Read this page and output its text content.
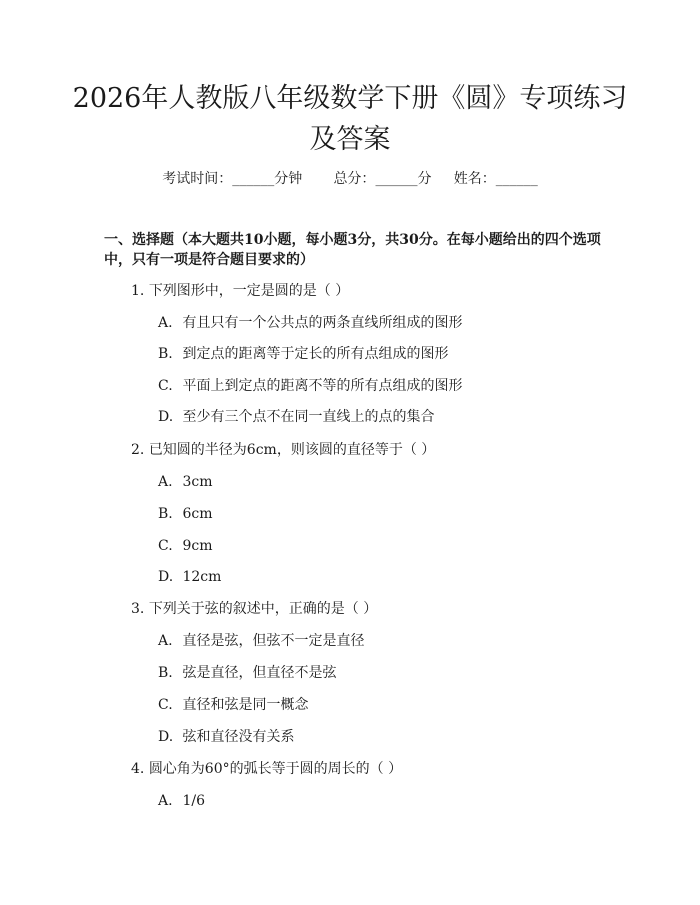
2026年人教版八年级数学下册《圆》专项练习及答案
考试时间：______分钟 总分：______分 姓名：______

一、选择题（本大题共10小题，每小题3分，共30分。在每小题给出的四个选项中，只有一项是符合题目要求的）

1. 下列图形中，一定是圆的是（ ）
A. 有且只有一个公共点的两条直线所组成的图形
B. 到定点的距离等于定长的所有点组成的图形
C. 平面上到定点的距离不等的所有点组成的图形
D. 至少有三个点不在同一直线上的点的集合
2. 已知圆的半径为6cm，则该圆的直径等于（ ）
A. 3cm
B. 6cm
C. 9cm
D. 12cm
3. 下列关于弦的叙述中，正确的是（ ）
A. 直径是弦，但弦不一定是直径
B. 弦是直径，但直径不是弦
C. 直径和弦是同一概念
D. 弦和直径没有关系
4. 圆心角为60°的弧长等于圆的周长的（ ）
A. 1/6
